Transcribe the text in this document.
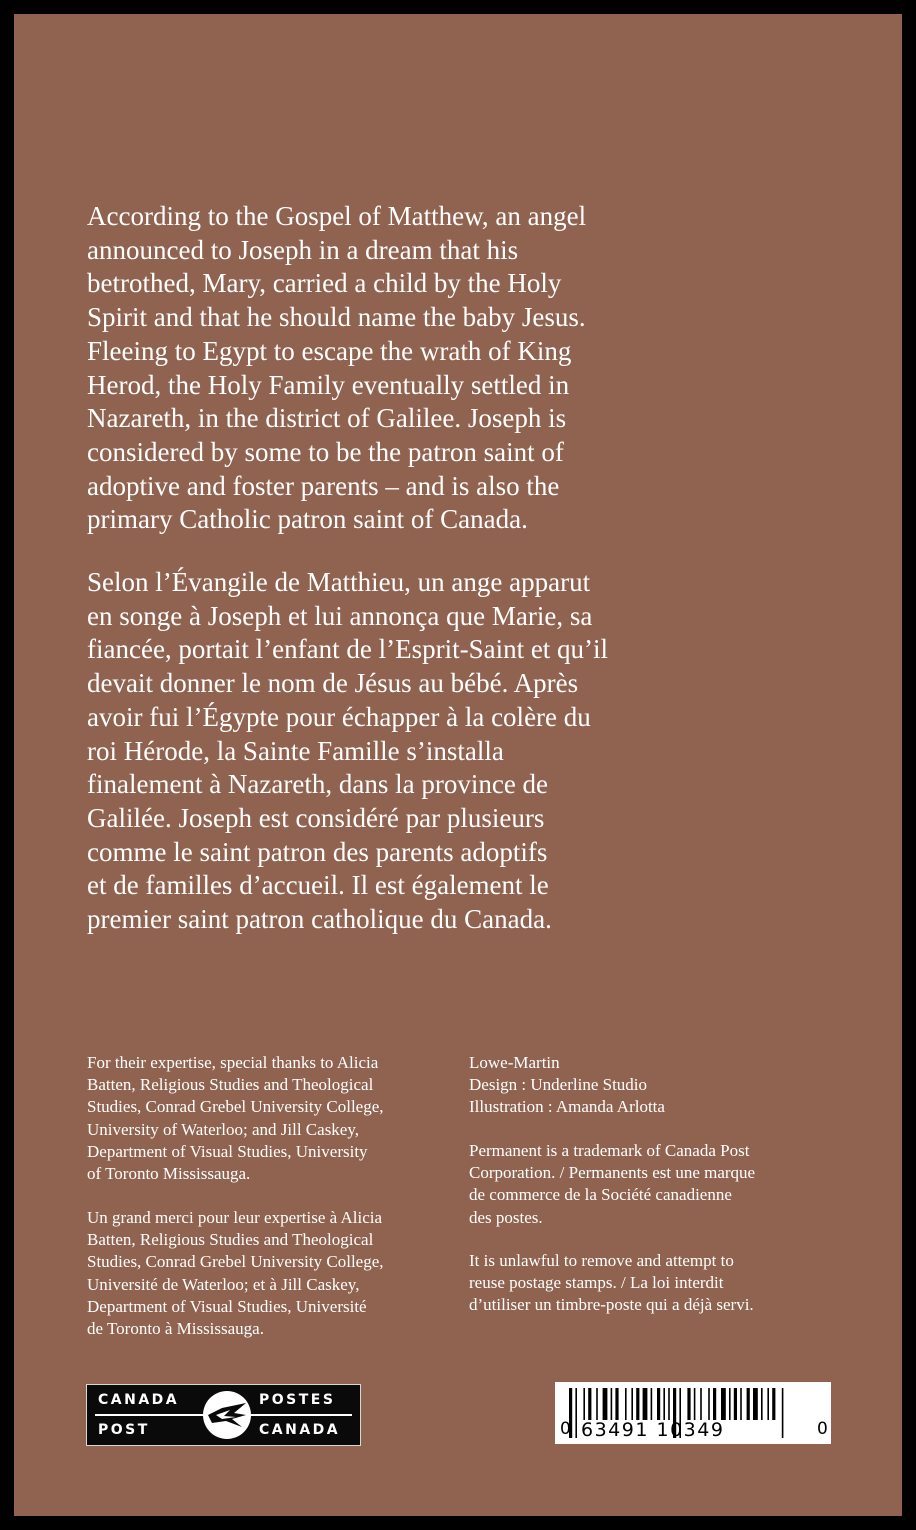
According to the Gospel of Matthew, an angel
announced to Joseph in a dream that his
betrothed, Mary, carried a child by the Holy
Spirit and that he should name the baby Jesus.
Fleeing to Egypt to escape the wrath of King
Herod, the Holy Family eventually settled in
Nazareth, in the district of Galilee. Joseph is
considered by some to be the patron saint of
adoptive and foster parents – and is also the
primary Catholic patron saint of Canada.

Selon l’Évangile de Matthieu, un ange apparut
en songe à Joseph et lui annonça que Marie, sa
fiancée, portait l’enfant de l’Esprit-Saint et qu’il
devait donner le nom de Jésus au bébé. Après
avoir fui l’Égypte pour échapper à la colère du
roi Hérode, la Sainte Famille s’installa
finalement à Nazareth, dans la province de
Galilée. Joseph est considéré par plusieurs
comme le saint patron des parents adoptifs
et de familles d’accueil. Il est également le
premier saint patron catholique du Canada.

For their expertise, special thanks to Alicia
Batten, Religious Studies and Theological
Studies, Conrad Grebel University College,
University of Waterloo; and Jill Caskey,
Department of Visual Studies, University
of Toronto Mississauga.

Un grand merci pour leur expertise à Alicia
Batten, Religious Studies and Theological
Studies, Conrad Grebel University College,
Université de Waterloo; et à Jill Caskey,
Department of Visual Studies, Université
de Toronto à Mississauga.

Lowe-Martin
Design : Underline Studio
Illustration : Amanda Arlotta

Permanent is a trademark of Canada Post
Corporation. / Permanents est une marque
de commerce de la Société canadienne
des postes.

It is unlawful to remove and attempt to
reuse postage stamps. / La loi interdit
d’utiliser un timbre-poste qui a déjà servi.

CANADA	POSTES
POST	CANADA	0 63491 10349	0
